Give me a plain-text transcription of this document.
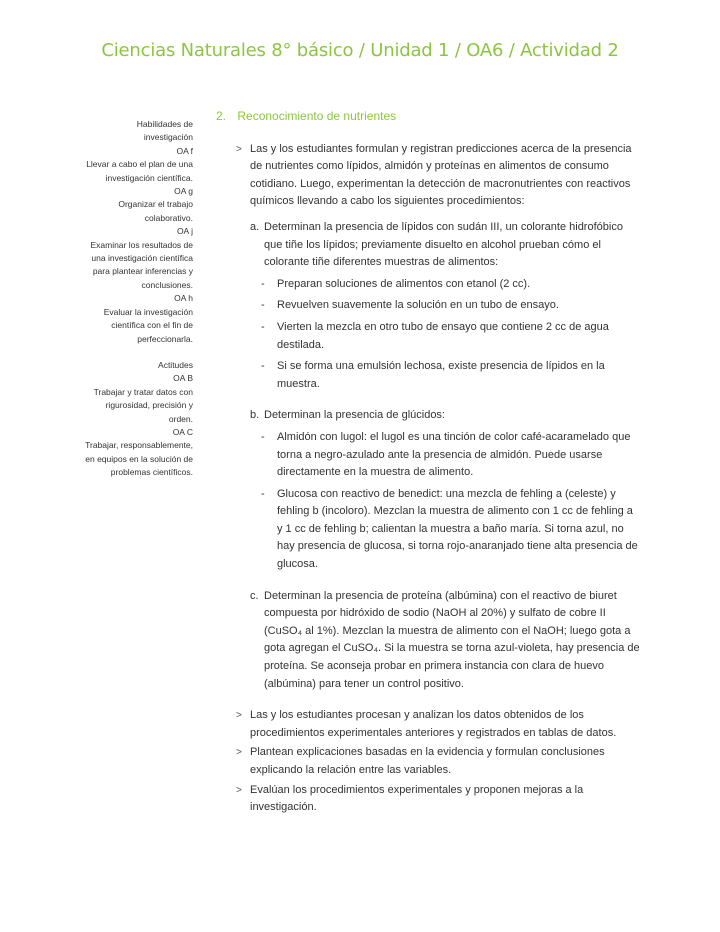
Ciencias Naturales 8° básico / Unidad 1 / OA6 / Actividad 2
Habilidades de
investigación
OA f
Llevar a cabo el plan de una
investigación científica.
OA g
Organizar el trabajo
colaborativo.
OA j
Examinar los resultados de
una investigación científica
para plantear inferencias y
conclusiones.
OA h
Evaluar la investigación
científica con el fin de
perfeccionarla.
Actitudes
OA B
Trabajar y tratar datos con
rigurosidad, precisión y
orden.
OA C
Trabajar, responsablemente,
en equipos en la solución de
problemas científicos.
2. Reconocimiento de nutrientes
> Las y los estudiantes formulan y registran predicciones acerca de la presencia de nutrientes como lípidos, almidón y proteínas en alimentos de consumo cotidiano. Luego, experimentan la detección de macronutrientes con reactivos químicos llevando a cabo los siguientes procedimientos:
a. Determinan la presencia de lípidos con sudán III, un colorante hidrofóbico que tiñe los lípidos; previamente disuelto en alcohol prueban cómo el colorante tiñe diferentes muestras de alimentos:
- Preparan soluciones de alimentos con etanol (2 cc).
- Revuelven suavemente la solución en un tubo de ensayo.
- Vierten la mezcla en otro tubo de ensayo que contiene 2 cc de agua destilada.
- Si se forma una emulsión lechosa, existe presencia de lípidos en la muestra.
b. Determinan la presencia de glúcidos:
- Almidón con lugol: el lugol es una tinción de color café-acaramelado que torna a negro-azulado ante la presencia de almidón. Puede usarse directamente en la muestra de alimento.
- Glucosa con reactivo de benedict: una mezcla de fehling a (celeste) y fehling b (incoloro). Mezclan la muestra de alimento con 1 cc de fehling a y 1 cc de fehling b; calientan la muestra a baño maría. Si torna azul, no hay presencia de glucosa, si torna rojo-anaranjado tiene alta presencia de glucosa.
c. Determinan la presencia de proteína (albúmina) con el reactivo de biuret compuesta por hidróxido de sodio (NaOH al 20%) y sulfato de cobre II (CuSO₄ al 1%). Mezclan la muestra de alimento con el NaOH; luego gota a gota agregan el CuSO₄. Si la muestra se torna azul-violeta, hay presencia de proteína. Se aconseja probar en primera instancia con clara de huevo (albúmina) para tener un control positivo.
> Las y los estudiantes procesan y analizan los datos obtenidos de los procedimientos experimentales anteriores y registrados en tablas de datos.
> Plantean explicaciones basadas en la evidencia y formulan conclusiones explicando la relación entre las variables.
> Evalúan los procedimientos experimentales y proponen mejoras a la investigación.
